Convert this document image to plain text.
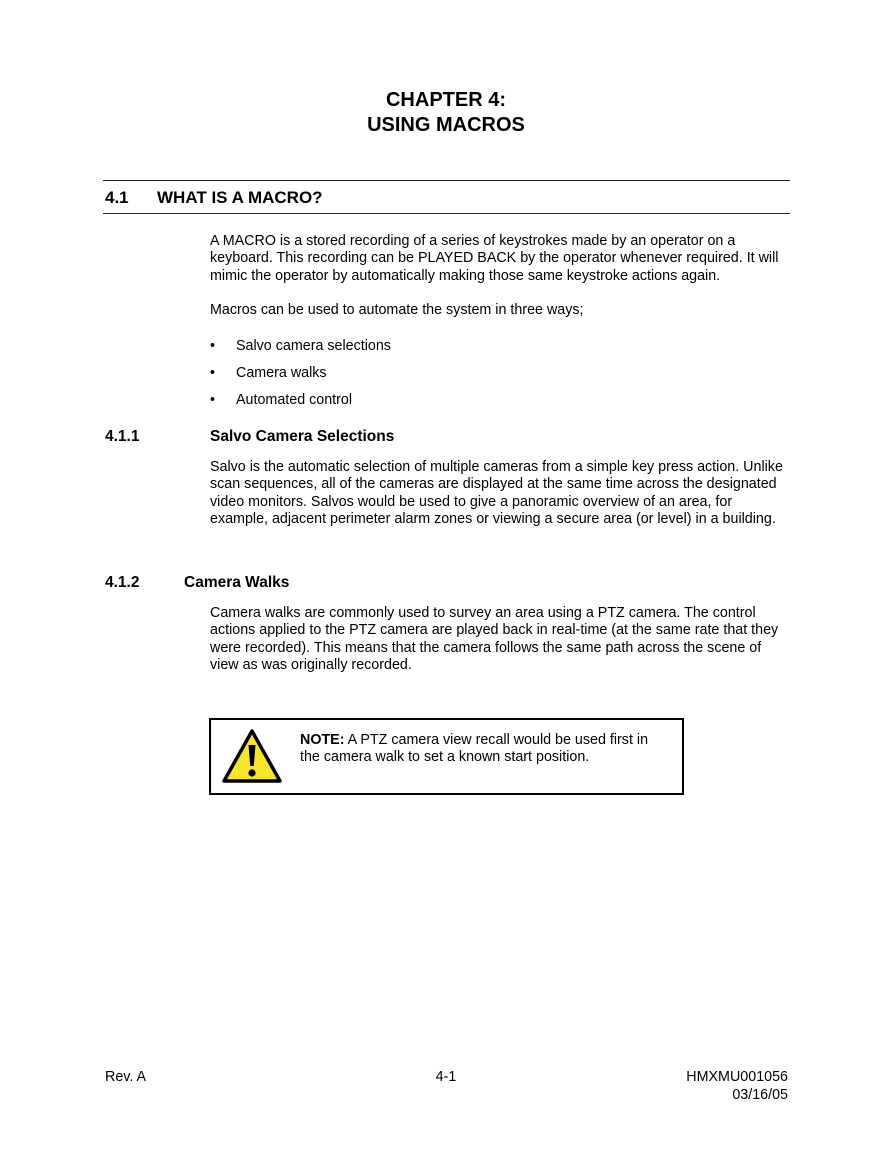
CHAPTER 4:
USING MACROS
4.1 WHAT IS A MACRO?

A MACRO is a stored recording of a series of keystrokes made by an operator on a keyboard. This recording can be PLAYED BACK by the operator whenever required. It will mimic the operator by automatically making those same keystroke actions again.

Macros can be used to automate the system in three ways;

• Salvo camera selections
• Camera walks
• Automated control
4.1.1	Salvo Camera Selections

Salvo is the automatic selection of multiple cameras from a simple key press action. Unlike scan sequences, all of the cameras are displayed at the same time across the designated video monitors. Salvos would be used to give a panoramic overview of an area, for example, adjacent perimeter alarm zones or viewing a secure area (or level) in a building.

4.1.2	Camera Walks

Camera walks are commonly used to survey an area using a PTZ camera. The control actions applied to the PTZ camera are played back in real-time (at the same rate that they were recorded). This means that the camera follows the same path across the scene of view as was originally recorded.

NOTE: A PTZ camera view recall would be used first in the camera walk to set a known start position.
Rev. A	4-1	HMXMU001056
03/16/05
